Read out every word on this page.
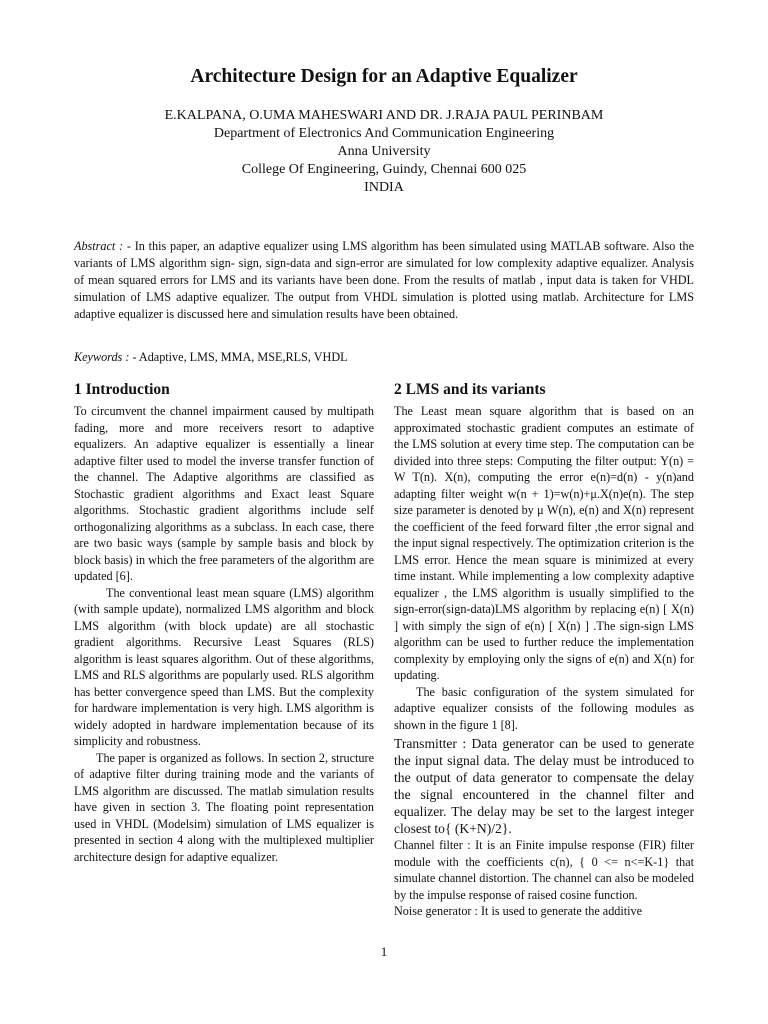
Architecture Design for an Adaptive Equalizer
E.KALPANA, O.UMA MAHESWARI AND DR. J.RAJA PAUL PERINBAM
Department of Electronics And Communication Engineering
Anna University
College Of Engineering, Guindy, Chennai 600 025
INDIA

Abstract : - In this paper, an adaptive equalizer using LMS algorithm has been simulated using MATLAB software. Also the variants of LMS algorithm sign- sign, sign-data and sign-error are simulated for low complexity adaptive equalizer. Analysis of mean squared errors for LMS and its variants have been done. From the results of matlab , input data is taken for VHDL simulation of LMS adaptive equalizer. The output from VHDL simulation is plotted using matlab. Architecture for LMS adaptive equalizer is discussed here and simulation results have been obtained.

Keywords : - Adaptive, LMS, MMA, MSE,RLS, VHDL

1 Introduction

To circumvent the channel impairment caused by multipath fading, more and more receivers resort to adaptive equalizers. An adaptive equalizer is essentially a linear adaptive filter used to model the inverse transfer function of the channel. The Adaptive algorithms are classified as Stochastic gradient algorithms and Exact least Square algorithms. Stochastic gradient algorithms include self orthogonalizing algorithms as a subclass. In each case, there are two basic ways (sample by sample basis and block by block basis) in which the free parameters of the algorithm are updated [6].

The conventional least mean square (LMS) algorithm (with sample update), normalized LMS algorithm and block LMS algorithm (with block update) are all stochastic gradient algorithms. Recursive Least Squares (RLS) algorithm is least squares algorithm. Out of these algorithms, LMS and RLS algorithms are popularly used. RLS algorithm has better convergence speed than LMS. But the complexity for hardware implementation is very high. LMS algorithm is widely adopted in hardware implementation because of its simplicity and robustness.

The paper is organized as follows. In section 2, structure of adaptive filter during training mode and the variants of LMS algorithm are discussed. The matlab simulation results have given in section 3. The floating point representation used in VHDL (Modelsim) simulation of LMS equalizer is presented in section 4 along with the multiplexed multiplier architecture design for adaptive equalizer.

2 LMS and its variants

The Least mean square algorithm that is based on an approximated stochastic gradient computes an estimate of the LMS solution at every time step. The computation can be divided into three steps: Computing the filter output: Y(n) = W T(n). X(n), computing the error e(n)=d(n) - y(n)and adapting filter weight w(n + 1)=w(n)+μ.X(n)e(n). The step size parameter is denoted by μ W(n), e(n) and X(n) represent the coefficient of the feed forward filter ,the error signal and the input signal respectively. The optimization criterion is the LMS error. Hence the mean square is minimized at every time instant. While implementing a low complexity adaptive equalizer , the LMS algorithm is usually simplified to the sign-error(sign-data)LMS algorithm by replacing e(n) [ X(n) ] with simply the sign of e(n) [ X(n) ] .The sign-sign LMS algorithm can be used to further reduce the implementation complexity by employing only the signs of e(n) and X(n) for updating.

The basic configuration of the system simulated for adaptive equalizer consists of the following modules as shown in the figure 1 [8].

Transmitter : Data generator can be used to generate the input signal data. The delay must be introduced to the output of data generator to compensate the delay the signal encountered in the channel filter and equalizer. The delay may be set to the largest integer closest to{ (K+N)/2}.

Channel filter : It is an Finite impulse response (FIR) filter module with the coefficients c(n), { 0 <= n<=K-1} that simulate channel distortion. The channel can also be modeled by the impulse response of raised cosine function.

Noise generator : It is used to generate the additive

1
